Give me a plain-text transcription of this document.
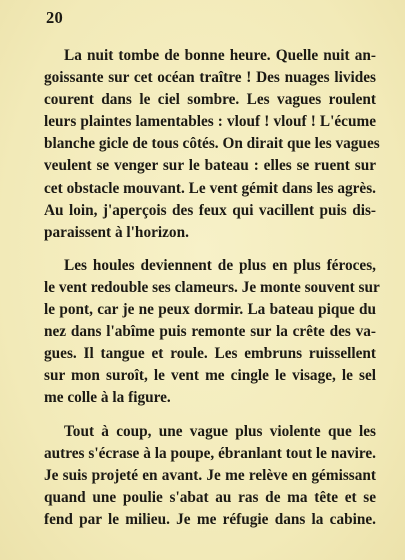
20
La nuit tombe de bonne heure. Quelle nuit an-
goissante sur cet océan traître ! Des nuages livides
courent dans le ciel sombre. Les vagues roulent
leurs plaintes lamentables : vlouf ! vlouf ! L'écume
blanche gicle de tous côtés. On dirait que les vagues
veulent se venger sur le bateau : elles se ruent sur
cet obstacle mouvant. Le vent gémit dans les agrès.
Au loin, j'aperçois des feux qui vacillent puis dis-
paraissent à l'horizon.
Les houles deviennent de plus en plus féroces,
le vent redouble ses clameurs. Je monte souvent sur
le pont, car je ne peux dormir. La bateau pique du
nez dans l'abîme puis remonte sur la crête des va-
gues. Il tangue et roule. Les embruns ruissellent
sur mon suroît, le vent me cingle le visage, le sel
me colle à la figure.
Tout à coup, une vague plus violente que les
autres s'écrase à la poupe, ébranlant tout le navire.
Je suis projeté en avant. Je me relève en gémissant
quand une poulie s'abat au ras de ma tête et se
fend par le milieu. Je me réfugie dans la cabine.
